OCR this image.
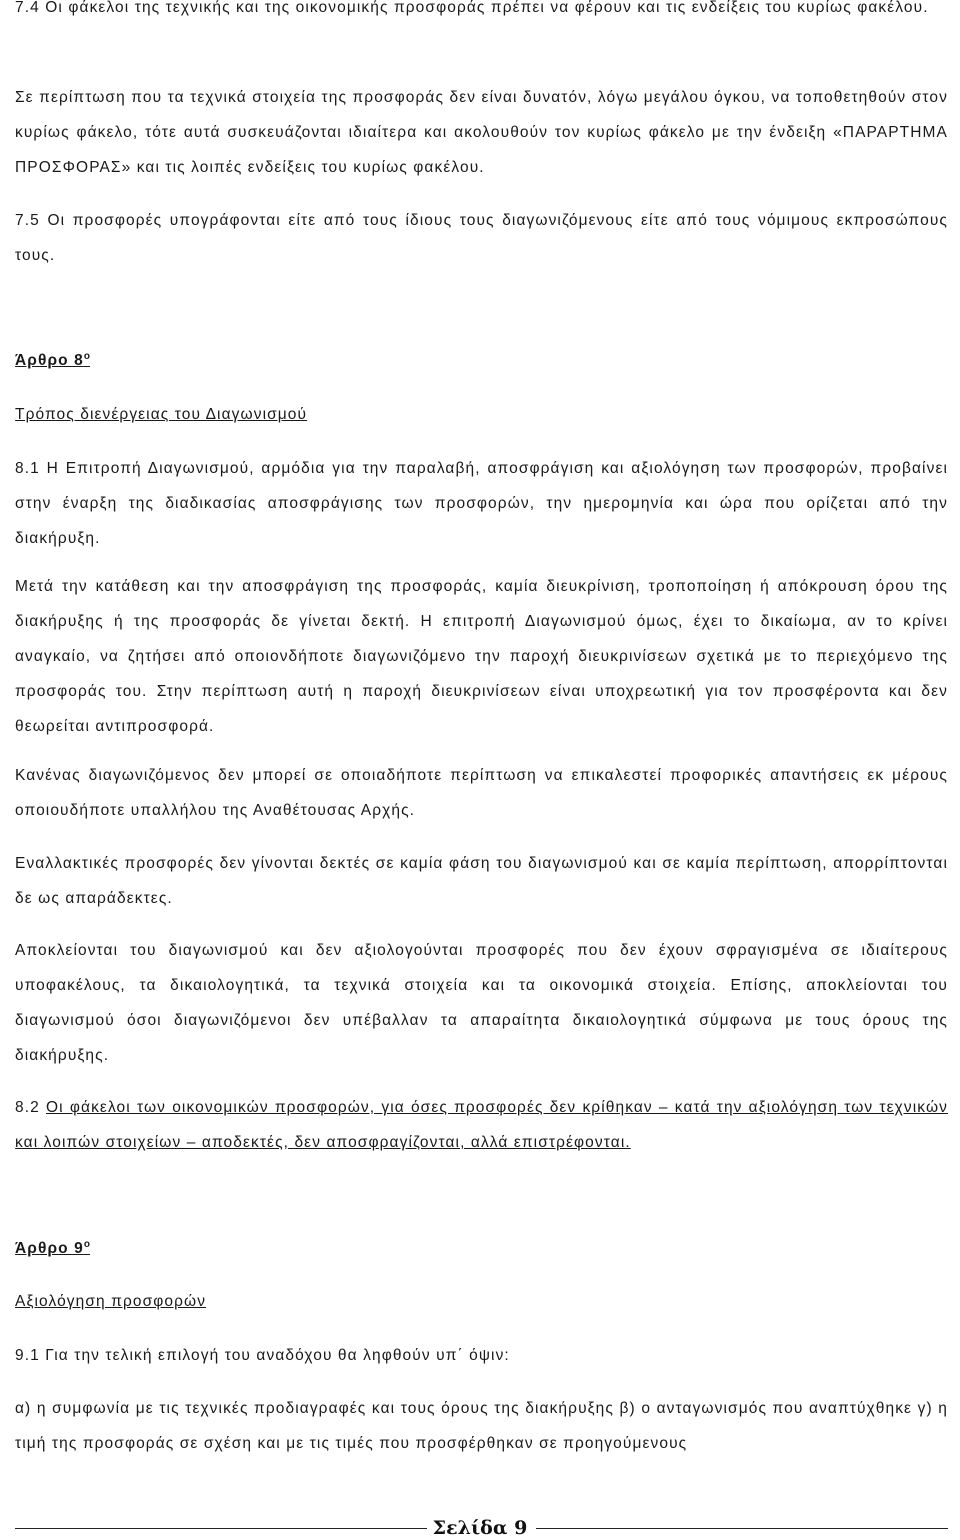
7.4 Οι φάκελοι της τεχνικής και της οικονομικής προσφοράς πρέπει να φέρουν και τις ενδείξεις του κυρίως φακέλου.

Σε περίπτωση που τα τεχνικά στοιχεία της προσφοράς δεν είναι δυνατόν, λόγω μεγάλου όγκου, να τοποθετηθούν στον κυρίως φάκελο, τότε αυτά συσκευάζονται ιδιαίτερα και ακολουθούν τον κυρίως φάκελο με την ένδειξη «ΠΑΡΑΡΤΗΜΑ ΠΡΟΣΦΟΡΑΣ» και τις λοιπές ενδείξεις του κυρίως φακέλου.

7.5 Οι προσφορές υπογράφονται είτε από τους ίδιους τους διαγωνιζόμενους είτε από τους νόμιμους εκπροσώπους τους.

Άρθρο $8^o$
Τρόπος διενέργειας του Διαγωνισμού

8.1 Η Επιτροπή Διαγωνισμού, αρμόδια για την παραλαβή, αποσφράγιση και αξιολόγηση των προσφορών, προβαίνει στην έναρξη της διαδικασίας αποσφράγισης των προσφορών, την ημερομηνία και ώρα που ορίζεται από την διακήρυξη.

Μετά την κατάθεση και την αποσφράγιση της προσφοράς, καμία διευκρίνιση, τροποποίηση ή απόκρουση όρου της διακήρυξης ή της προσφοράς δε γίνεται δεκτή. Η επιτροπή Διαγωνισμού όμως, έχει το δικαίωμα, αν το κρίνει αναγκαίο, να ζητήσει από οποιονδήποτε διαγωνιζόμενο την παροχή διευκρινίσεων σχετικά με το περιεχόμενο της προσφοράς του. Στην περίπτωση αυτή η παροχή διευκρινίσεων είναι υποχρεωτική για τον προσφέροντα και δεν θεωρείται αντιπροσφορά.

Κανένας διαγωνιζόμενος δεν μπορεί σε οποιαδήποτε περίπτωση να επικαλεστεί προφορικές απαντήσεις εκ μέρους οποιουδήποτε υπαλλήλου της Αναθέτουσας Αρχής.

Εναλλακτικές προσφορές δεν γίνονται δεκτές σε καμία φάση του διαγωνισμού και σε καμία περίπτωση, απορρίπτονται δε ως απαράδεκτες.

Αποκλείονται του διαγωνισμού και δεν αξιολογούνται προσφορές που δεν έχουν σφραγισμένα σε ιδιαίτερους υποφακέλους, τα δικαιολογητικά, τα τεχνικά στοιχεία και τα οικονομικά στοιχεία. Επίσης, αποκλείονται του διαγωνισμού όσοι διαγωνιζόμενοι δεν υπέβαλλαν τα απαραίτητα δικαιολογητικά σύμφωνα με τους όρους της διακήρυξης.

8.2 Οι φάκελοι των οικονομικών προσφορών, για όσες προσφορές δεν κρίθηκαν – κατά την αξιολόγηση των τεχνικών και λοιπών στοιχείων – αποδεκτές, δεν αποσφραγίζονται, αλλά επιστρέφονται.

Άρθρο $9^o$
Αξιολόγηση προσφορών

9.1 Για την τελική επιλογή του αναδόχου θα ληφθούν υπ΄ όψιν:

α) η συμφωνία με τις τεχνικές προδιαγραφές και τους όρους της διακήρυξης β) ο ανταγωνισμός που αναπτύχθηκε γ) η τιμή της προσφοράς σε σχέση και με τις τιμές που προσφέρθηκαν σε προηγούμενους

Σελίδα 9
